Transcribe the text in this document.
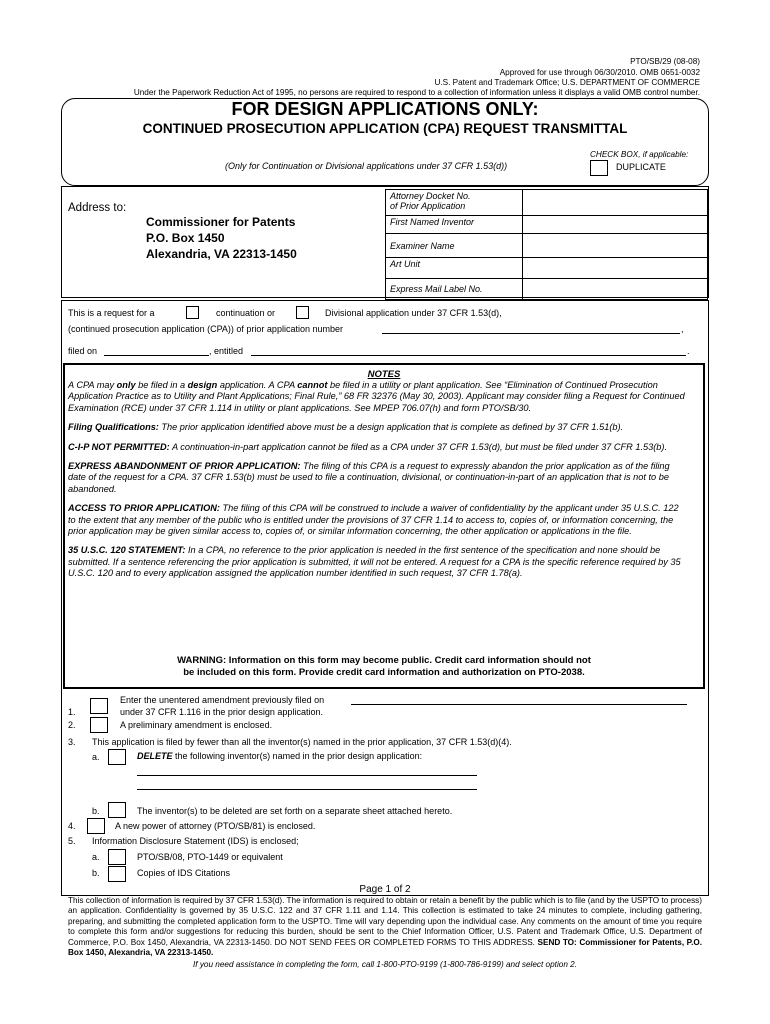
PTO/SB/29 (08-08)
Approved for use through 06/30/2010. OMB 0651-0032
U.S. Patent and Trademark Office; U.S. DEPARTMENT OF COMMERCE
Under the Paperwork Reduction Act of 1995, no persons are required to respond to a collection of information unless it displays a valid OMB control number.
FOR DESIGN APPLICATIONS ONLY:
CONTINUED PROSECUTION APPLICATION (CPA) REQUEST TRANSMITTAL
(Only for Continuation or Divisional applications under 37 CFR 1.53(d))
CHECK BOX, if applicable:
DUPLICATE
Address to:
Commissioner for Patents
P.O. Box 1450
Alexandria, VA 22313-1450
Attorney Docket No.
of Prior Application	
First Named Inventor	
Examiner Name	
Art Unit	
Express Mail Label No.	
This is a request for a	continuation or	Divisional application under 37 CFR 1.53(d),
(continued prosecution application (CPA)) of prior application number	,
filed on	, entitled	.
NOTES

A CPA may only be filed in a design application. A CPA cannot be filed in a utility or plant application. See “Elimination of Continued Prosecution Application Practice as to Utility and Plant Applications; Final Rule,” 68 FR 32376 (May 30, 2003). Applicant may consider filing a Request for Continued Examination (RCE) under 37 CFR 1.114 in utility or plant applications. See MPEP 706.07(h) and form PTO/SB/30.

Filing Qualifications: The prior application identified above must be a design application that is complete as defined by 37 CFR 1.51(b).

C-I-P NOT PERMITTED: A continuation-in-part application cannot be filed as a CPA under 37 CFR 1.53(d), but must be filed under 37 CFR 1.53(b).

EXPRESS ABANDONMENT OF PRIOR APPLICATION: The filing of this CPA is a request to expressly abandon the prior application as of the filing date of the request for a CPA. 37 CFR 1.53(b) must be used to file a continuation, divisional, or continuation-in-part of an application that is not to be abandoned.

ACCESS TO PRIOR APPLICATION: The filing of this CPA will be construed to include a waiver of confidentiality by the applicant under 35 U.S.C. 122 to the extent that any member of the public who is entitled under the provisions of 37 CFR 1.14 to access to, copies of, or information concerning, the prior application may be given similar access to, copies of, or similar information concerning, the other application or applications in the file.

35 U.S.C. 120 STATEMENT: In a CPA, no reference to the prior application is needed in the first sentence of the specification and none should be submitted. If a sentence referencing the prior application is submitted, it will not be entered. A request for a CPA is the specific reference required by 35 U.S.C. 120 and to every application assigned the application number identified in such request, 37 CFR 1.78(a).

WARNING: Information on this form may become public. Credit card information should not
be included on this form. Provide credit card information and authorization on PTO-2038.
1.
Enter the unentered amendment previously filed on
under 37 CFR 1.116 in the prior design application.
2.	A preliminary amendment is enclosed.
3. This application is filed by fewer than all the inventor(s) named in the prior application, 37 CFR 1.53(d)(4).
a.	DELETE the following inventor(s) named in the prior design application:
b.	The inventor(s) to be deleted are set forth on a separate sheet attached hereto.
4.	A new power of attorney (PTO/SB/81) is enclosed.
5. Information Disclosure Statement (IDS) is enclosed;
a.	PTO/SB/08, PTO-1449 or equivalent
b.	Copies of IDS Citations
Page 1 of 2
This collection of information is required by 37 CFR 1.53(d). The information is required to obtain or retain a benefit by the public which is to file (and by the USPTO to process) an application. Confidentiality is governed by 35 U.S.C. 122 and 37 CFR 1.11 and 1.14. This collection is estimated to take 24 minutes to complete, including gathering, preparing, and submitting the completed application form to the USPTO. Time will vary depending upon the individual case. Any comments on the amount of time you require to complete this form and/or suggestions for reducing this burden, should be sent to the Chief Information Officer, U.S. Patent and Trademark Office, U.S. Department of Commerce, P.O. Box 1450, Alexandria, VA 22313-1450. DO NOT SEND FEES OR COMPLETED FORMS TO THIS ADDRESS. SEND TO: Commissioner for Patents, P.O. Box 1450, Alexandria, VA 22313-1450.
If you need assistance in completing the form, call 1-800-PTO-9199 (1-800-786-9199) and select option 2.
